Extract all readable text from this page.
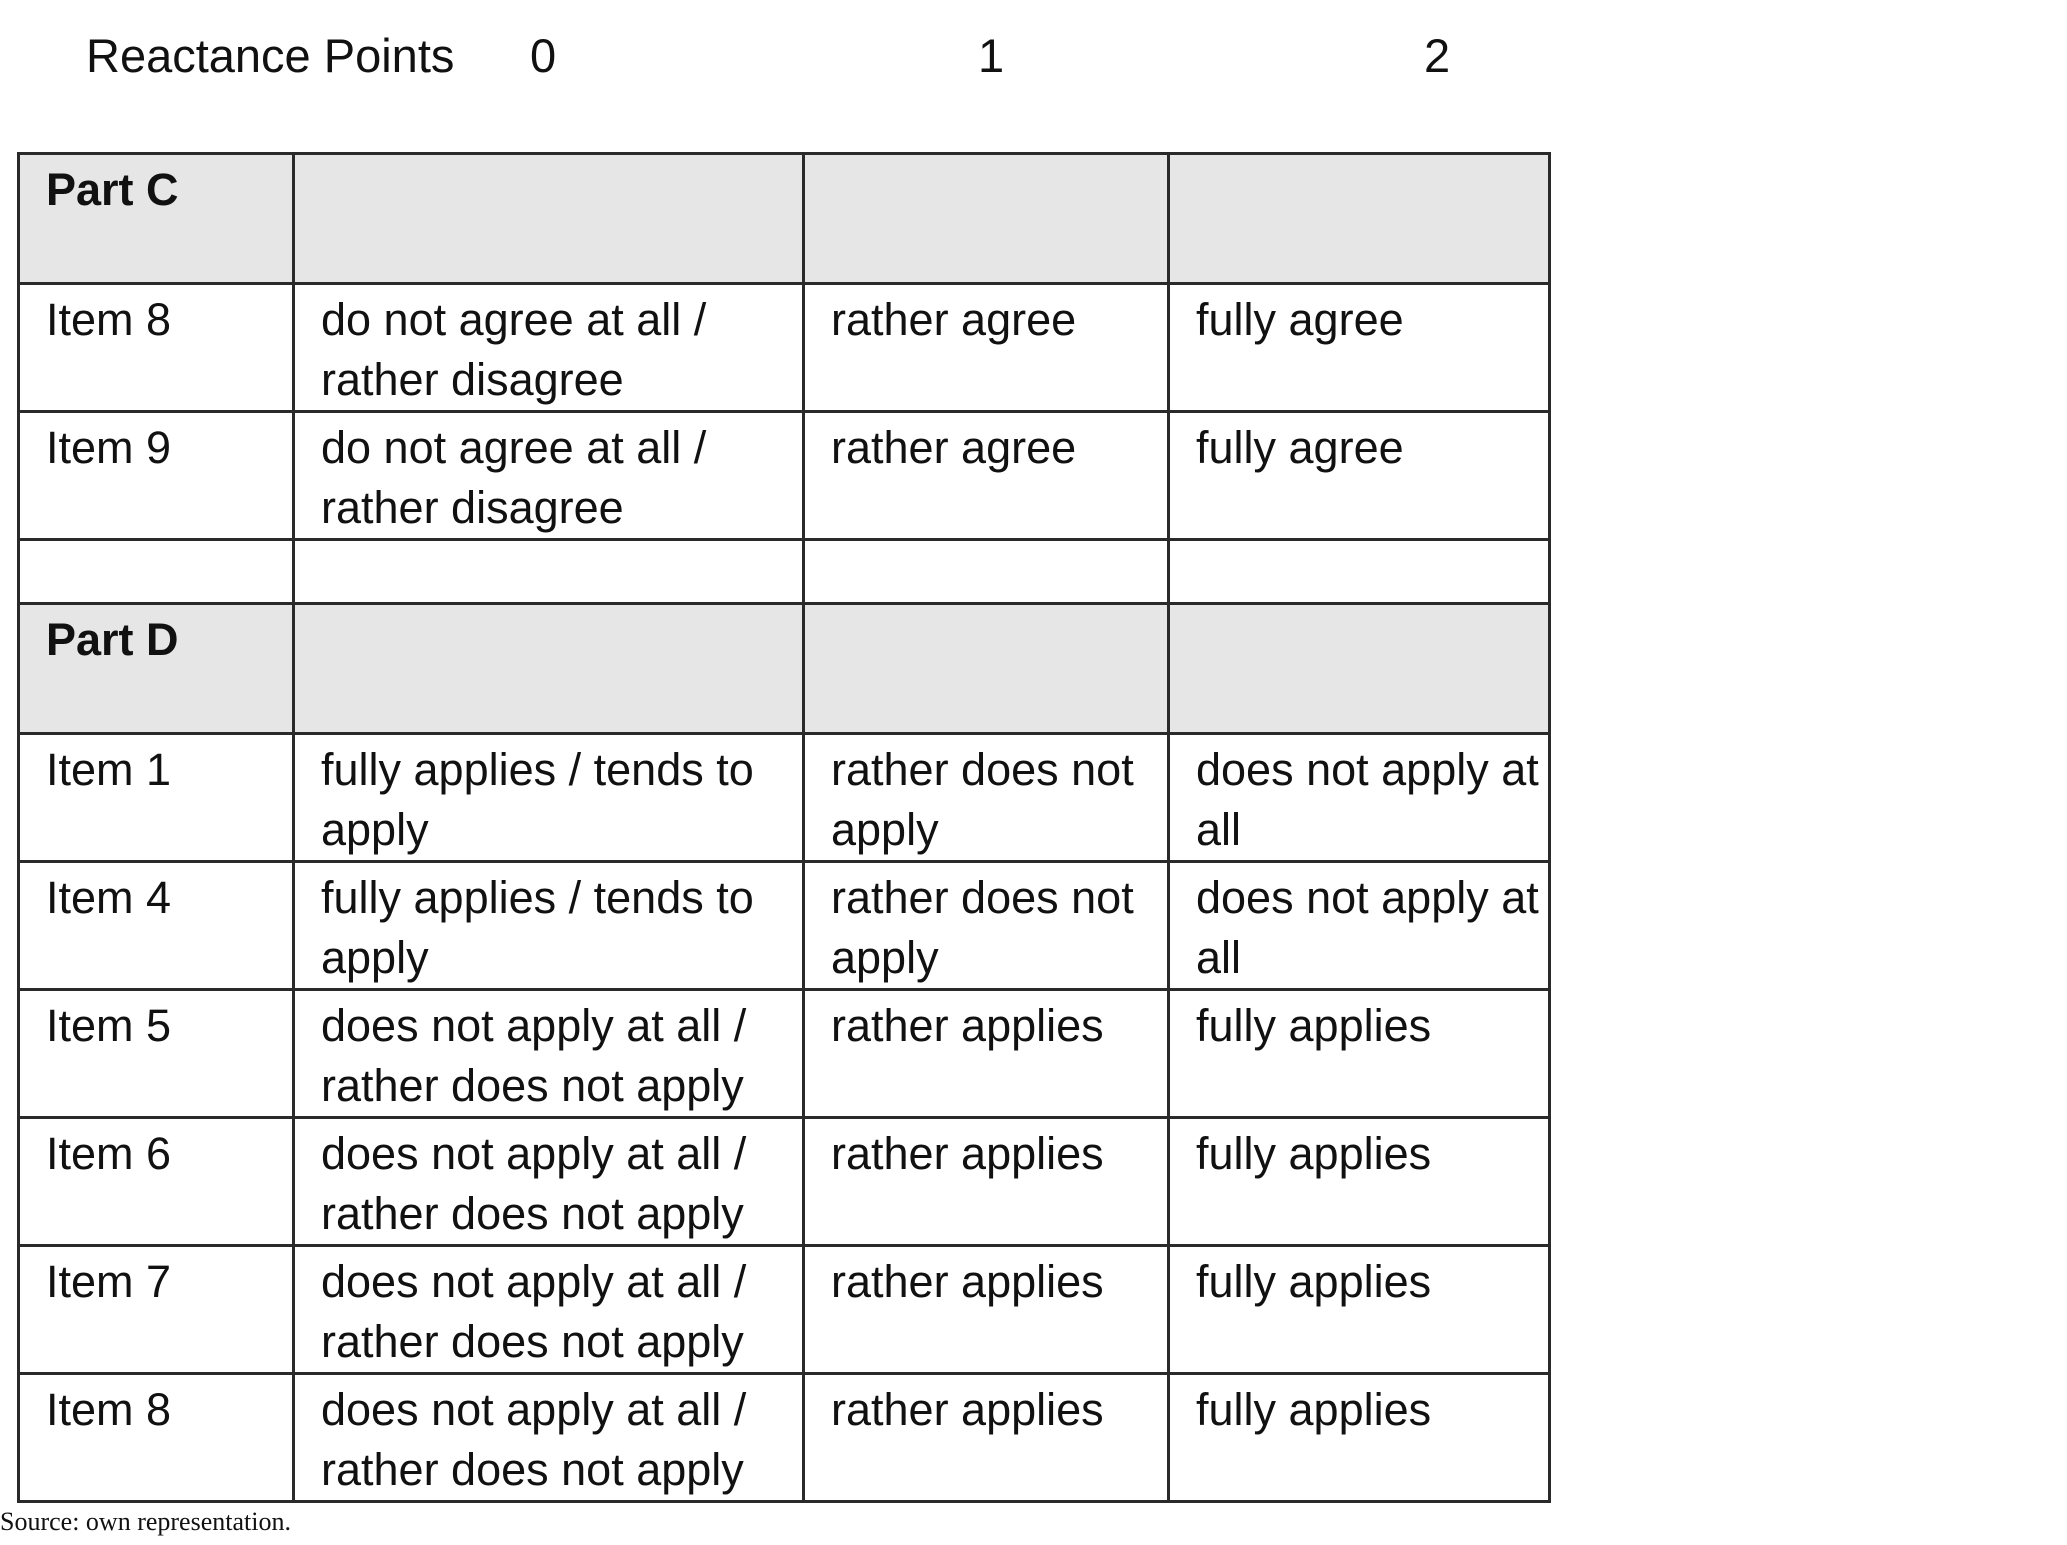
Reactance Points 0	1	2
Part C			
Item 8	do not agree at all / rather disagree	rather agree	fully agree
Item 9	do not agree at all / rather disagree	rather agree	fully agree

Part D			
Item 1	fully applies / tends to apply	rather does not apply	does not apply at all
Item 4	fully applies / tends to apply	rather does not apply	does not apply at all
Item 5	does not apply at all / rather does not apply	rather applies	fully applies
Item 6	does not apply at all / rather does not apply	rather applies	fully applies
Item 7	does not apply at all / rather does not apply	rather applies	fully applies
Item 8	does not apply at all / rather does not apply	rather applies	fully applies
Source: own representation.
